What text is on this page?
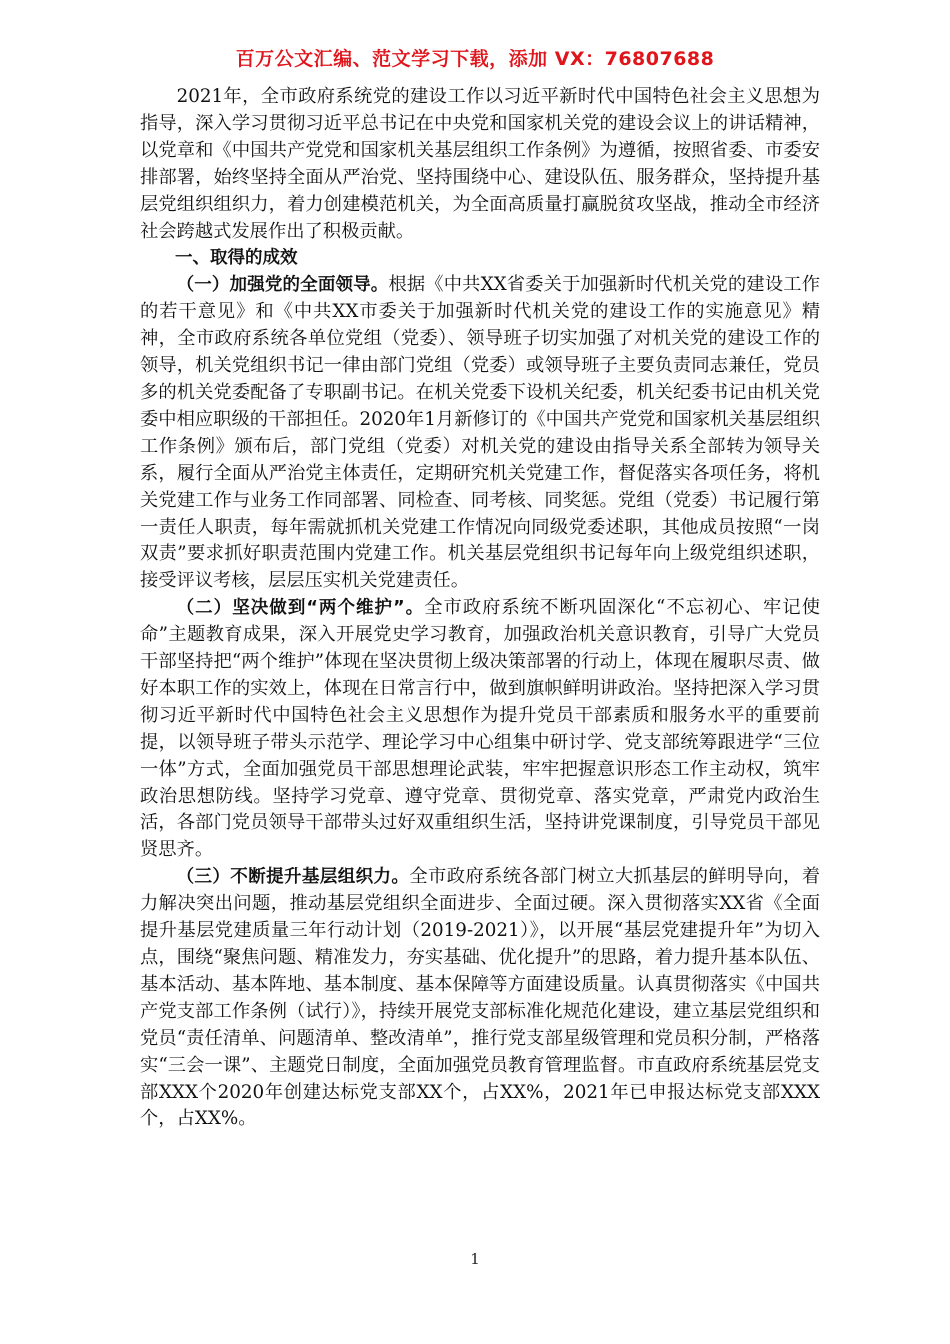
百万公文汇编、范文学习下载，添加 VX：76807688

2021年，全市政府系统党的建设工作以习近平新时代中国特色社会主义思想为指导，深入学习贯彻习近平总书记在中央党和国家机关党的建设会议上的讲话精神，以党章和《中国共产党党和国家机关基层组织工作条例》为遵循，按照省委、市委安排部署，始终坚持全面从严治党、坚持围绕中心、建设队伍、服务群众，坚持提升基层党组织组织力，着力创建模范机关，为全面高质量打赢脱贫攻坚战，推动全市经济社会跨越式发展作出了积极贡献。

一、取得的成效

（一）加强党的全面领导。根据《中共XX省委关于加强新时代机关党的建设工作的若干意见》和《中共XX市委关于加强新时代机关党的建设工作的实施意见》精神，全市政府系统各单位党组（党委）、领导班子切实加强了对机关党的建设工作的领导，机关党组织书记一律由部门党组（党委）或领导班子主要负责同志兼任，党员多的机关党委配备了专职副书记。在机关党委下设机关纪委，机关纪委书记由机关党委中相应职级的干部担任。2020年1月新修订的《中国共产党党和国家机关基层组织工作条例》颁布后，部门党组（党委）对机关党的建设由指导关系全部转为领导关系，履行全面从严治党主体责任，定期研究机关党建工作，督促落实各项任务，将机关党建工作与业务工作同部署、同检查、同考核、同奖惩。党组（党委）书记履行第一责任人职责，每年需就抓机关党建工作情况向同级党委述职，其他成员按照“一岗双责”要求抓好职责范围内党建工作。机关基层党组织书记每年向上级党组织述职，接受评议考核，层层压实机关党建责任。

（二）坚决做到“两个维护”。全市政府系统不断巩固深化“不忘初心、牢记使命”主题教育成果，深入开展党史学习教育，加强政治机关意识教育，引导广大党员干部坚持把“两个维护”体现在坚决贯彻上级决策部署的行动上，体现在履职尽责、做好本职工作的实效上，体现在日常言行中，做到旗帜鲜明讲政治。坚持把深入学习贯彻习近平新时代中国特色社会主义思想作为提升党员干部素质和服务水平的重要前提，以领导班子带头示范学、理论学习中心组集中研讨学、党支部统筹跟进学“三位一体”方式，全面加强党员干部思想理论武装，牢牢把握意识形态工作主动权，筑牢政治思想防线。坚持学习党章、遵守党章、贯彻党章、落实党章，严肃党内政治生活，各部门党员领导干部带头过好双重组织生活，坚持讲党课制度，引导党员干部见贤思齐。

（三）不断提升基层组织力。全市政府系统各部门树立大抓基层的鲜明导向，着力解决突出问题，推动基层党组织全面进步、全面过硬。深入贯彻落实XX省《全面提升基层党建质量三年行动计划（2019-2021）》，以开展“基层党建提升年”为切入点，围绕“聚焦问题、精准发力，夯实基础、优化提升”的思路，着力提升基本队伍、基本活动、基本阵地、基本制度、基本保障等方面建设质量。认真贯彻落实《中国共产党支部工作条例（试行）》，持续开展党支部标准化规范化建设，建立基层党组织和党员“责任清单、问题清单、整改清单”，推行党支部星级管理和党员积分制，严格落实“三会一课”、主题党日制度，全面加强党员教育管理监督。市直政府系统基层党支部XXX个2020年创建达标党支部XX个，占XX%，2021年已申报达标党支部XXX个，占XX%。

1
